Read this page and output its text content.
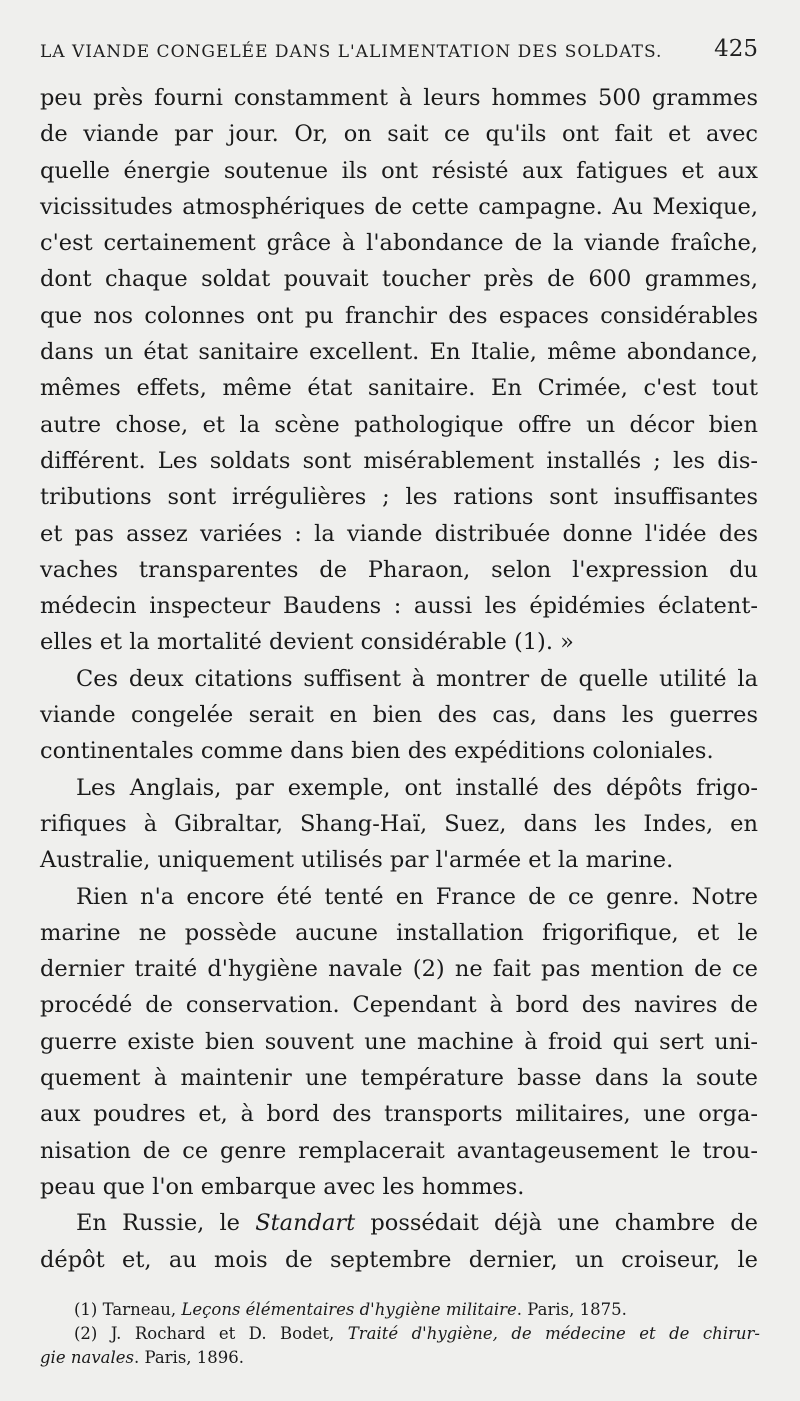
LA VIANDE CONGELÉE DANS L'ALIMENTATION DES SOLDATS. 425
peu près fourni constamment à leurs hommes 500 grammes
de viande par jour. Or, on sait ce qu'ils ont fait et avec
quelle énergie soutenue ils ont résisté aux fatigues et aux
vicissitudes atmosphériques de cette campagne. Au Mexique,
c'est certainement grâce à l'abondance de la viande fraîche,
dont chaque soldat pouvait toucher près de 600 grammes,
que nos colonnes ont pu franchir des espaces considérables
dans un état sanitaire excellent. En Italie, même abondance,
mêmes effets, même état sanitaire. En Crimée, c'est tout
autre chose, et la scène pathologique offre un décor bien
différent. Les soldats sont misérablement installés ; les dis-
tributions sont irrégulières ; les rations sont insuffisantes
et pas assez variées : la viande distribuée donne l'idée des
vaches transparentes de Pharaon, selon l'expression du
médecin inspecteur Baudens : aussi les épidémies éclatent-
elles et la mortalité devient considérable (1). »
Ces deux citations suffisent à montrer de quelle utilité la
viande congelée serait en bien des cas, dans les guerres
continentales comme dans bien des expéditions coloniales.
Les Anglais, par exemple, ont installé des dépôts frigo-
rifiques à Gibraltar, Shang-Haï, Suez, dans les Indes, en
Australie, uniquement utilisés par l'armée et la marine.
Rien n'a encore été tenté en France de ce genre. Notre
marine ne possède aucune installation frigorifique, et le
dernier traité d'hygiène navale (2) ne fait pas mention de ce
procédé de conservation. Cependant à bord des navires de
guerre existe bien souvent une machine à froid qui sert uni-
quement à maintenir une température basse dans la soute
aux poudres et, à bord des transports militaires, une orga-
nisation de ce genre remplacerait avantageusement le trou-
peau que l'on embarque avec les hommes.
En Russie, le Standart possédait déjà une chambre de
dépôt et, au mois de septembre dernier, un croiseur, le
(1) Tarneau, Leçons élémentaires d'hygiène militaire. Paris, 1875.
(2) J. Rochard et D. Bodet, Traité d'hygiène, de médecine et de chirur-
gie navales. Paris, 1896.
